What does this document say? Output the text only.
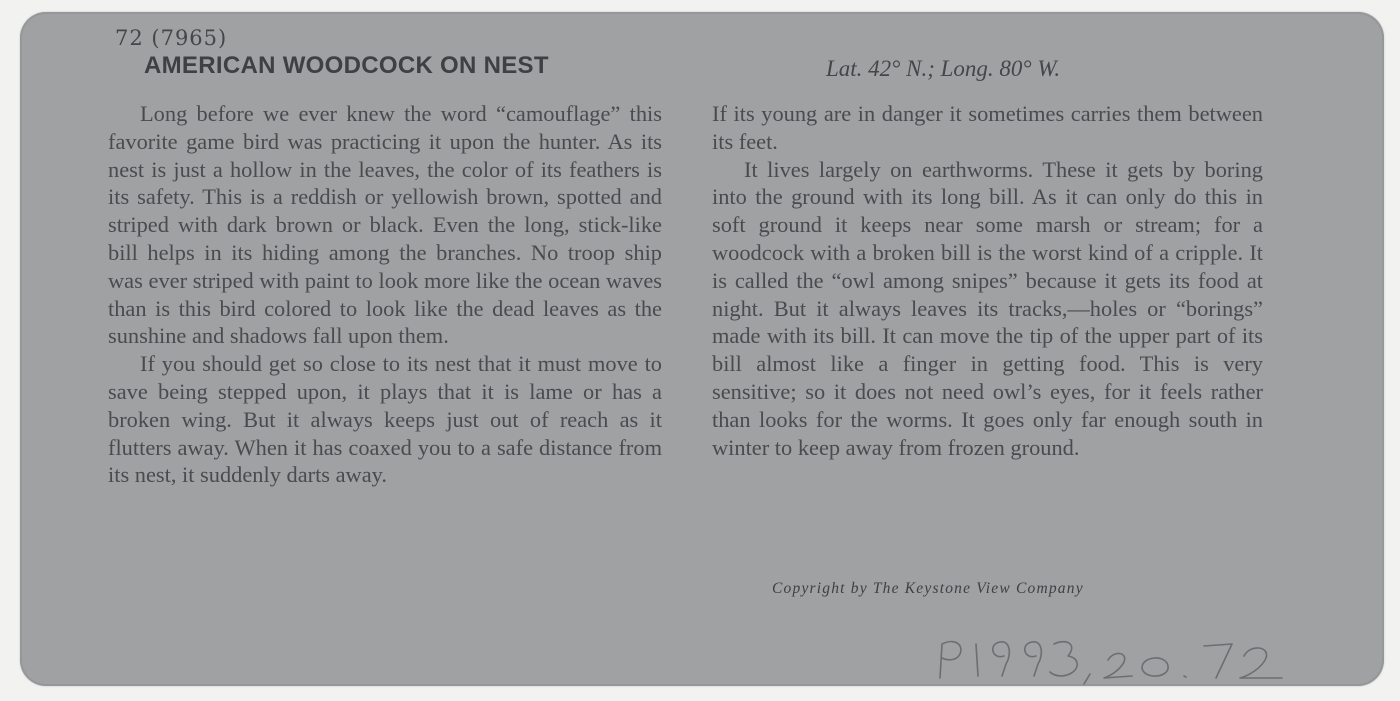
72 (7965)
AMERICAN WOODCOCK ON NEST	Lat. 42° N.; Long. 80° W.

Long before we ever knew the word “camouflage” this favorite game bird was practicing it upon the hunter. As its nest is just a hollow in the leaves, the color of its feathers is its safety. This is a reddish or yellowish brown, spotted and striped with dark brown or black. Even the long, stick-like bill helps in its hiding among the branches. No troop ship was ever striped with paint to look more like the ocean waves than is this bird colored to look like the dead leaves as the sunshine and shadows fall upon them.

If you should get so close to its nest that it must move to save being stepped upon, it plays that it is lame or has a broken wing. But it always keeps just out of reach as it flutters away. When it has coaxed you to a safe distance from its nest, it suddenly darts away.

If its young are in danger it sometimes carries them between its feet.

It lives largely on earthworms. These it gets by boring into the ground with its long bill. As it can only do this in soft ground it keeps near some marsh or stream; for a woodcock with a broken bill is the worst kind of a cripple. It is called the “owl among snipes” because it gets its food at night. But it always leaves its tracks,—holes or “borings” made with its bill. It can move the tip of the upper part of its bill almost like a finger in getting food. This is very sensitive; so it does not need owl’s eyes, for it feels rather than looks for the worms. It goes only far enough south in winter to keep away from frozen ground.

Copyright by The Keystone View Company
